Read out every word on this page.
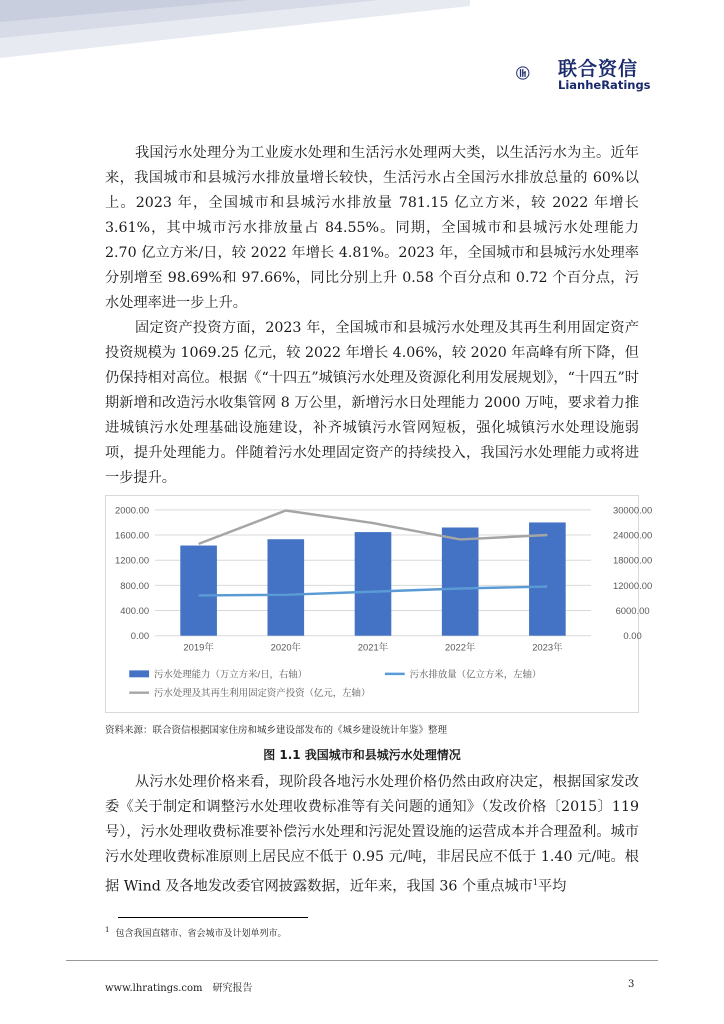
联合资信
LianheRatings

我国污水处理分为工业废水处理和生活污水处理两大类，以生活污水为主。近年来，我国城市和县城污水排放量增长较快，生活污水占全国污水排放总量的 60%以上。2023 年，全国城市和县城污水排放量 781.15 亿立方米，较 2022 年增长 3.61%，其中城市污水排放量占 84.55%。同期，全国城市和县城污水处理能力 2.70 亿立方米/日，较 2022 年增长 4.81%。2023 年，全国城市和县城污水处理率分别增至 98.69%和 97.66%，同比分别上升 0.58 个百分点和 0.72 个百分点，污水处理率进一步上升。

固定资产投资方面，2023 年，全国城市和县城污水处理及其再生利用固定资产投资规模为 1069.25 亿元，较 2022 年增长 4.06%，较 2020 年高峰有所下降，但仍保持相对高位。根据《“十四五”城镇污水处理及资源化利用发展规划》，“十四五”时期新增和改造污水收集管网 8 万公里，新增污水日处理能力 2000 万吨，要求着力推进城镇污水处理基础设施建设，补齐城镇污水管网短板，强化城镇污水处理设施弱项，提升处理能力。伴随着污水处理固定资产的持续投入，我国污水处理能力或将进一步提升。

0.00
400.00
800.00
1200.00
1600.00
2000.00
0.00
6000.00
12000.00
18000.00
24000.00
30000.00
2019年	2020年	2021年	2022年	2023年
污水处理能力（万立方米/日，右轴）	污水排放量（亿立方米，左轴）
污水处理及其再生利用固定资产投资（亿元，左轴）
资料来源：联合资信根据国家住房和城乡建设部发布的《城乡建设统计年鉴》整理
图 1.1 我国城市和县城污水处理情况

从污水处理价格来看，现阶段各地污水处理价格仍然由政府决定，根据国家发改委《关于制定和调整污水处理收费标准等有关问题的通知》（发改价格〔2015〕119 号），污水处理收费标准要补偿污水处理和污泥处置设施的运营成本并合理盈利。城市污水处理收费标准原则上居民应不低于 0.95 元/吨，非居民应不低于 1.40 元/吨。根据 Wind 及各地发改委官网披露数据，近年来，我国 36 个重点城市$^1$平均

$^1$ 包含我国直辖市、省会城市及计划单列市。
www.lhratings.com 研究报告	3
